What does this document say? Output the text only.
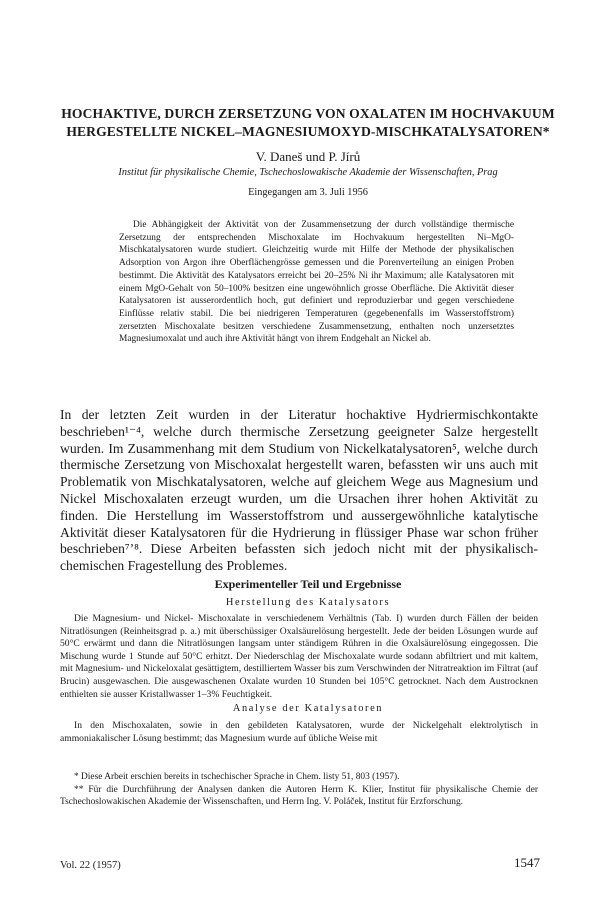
HOCHAKTIVE, DURCH ZERSETZUNG VON OXALATEN IM HOCHVAKUUM
HERGESTELLTE NICKEL–MAGNESIUMOXYD-MISCHKATALYSATOREN*
V. Daneš und P. Jírů
Institut für physikalische Chemie, Tschechoslowakische Akademie der Wissenschaften, Prag
Eingegangen am 3. Juli 1956

Die Abhängigkeit der Aktivität von der Zusammensetzung der durch vollständige thermische Zersetzung der entsprechenden Mischoxalate im Hochvakuum hergestellten Ni–MgO-Mischkatalysatoren wurde studiert. Gleichzeitig wurde mit Hilfe der Methode der physikalischen Adsorption von Argon ihre Oberflächengrösse gemessen und die Porenverteilung an einigen Proben bestimmt. Die Aktivität des Katalysators erreicht bei 20–25% Ni ihr Maximum; alle Katalysatoren mit einem MgO-Gehalt von 50–100% besitzen eine ungewöhnlich grosse Oberfläche. Die Aktivität dieser Katalysatoren ist ausserordentlich hoch, gut definiert und reproduzierbar und gegen verschiedene Einflüsse relativ stabil. Die bei niedrigeren Temperaturen (gegebenenfalls im Wasserstoffstrom) zersetzten Mischoxalate besitzen verschiedene Zusammensetzung, enthalten noch unzersetztes Magnesiumoxalat und auch ihre Aktivität hängt von ihrem Endgehalt an Nickel ab.

In der letzten Zeit wurden in der Literatur hochaktive Hydriermischkontakte beschrieben¹⁻⁴, welche durch thermische Zersetzung geeigneter Salze hergestellt wurden. Im Zusammenhang mit dem Studium von Nickelkatalysatoren⁵, welche durch thermische Zersetzung von Mischoxalat hergestellt waren, befassten wir uns auch mit Problematik von Mischkatalysatoren, welche auf gleichem Wege aus Magnesium und Nickel Mischoxalaten erzeugt wurden, um die Ursachen ihrer hohen Aktivität zu finden. Die Herstellung im Wasserstoffstrom und aussergewöhnliche katalytische Aktivität dieser Katalysatoren für die Hydrierung in flüssiger Phase war schon früher beschrieben⁷ʼ⁸. Diese Arbeiten befassten sich jedoch nicht mit der physikalisch-chemischen Fragestellung des Problemes.

Experimenteller Teil und Ergebnisse
Herstellung des Katalysators

Die Magnesium- und Nickel- Mischoxalate in verschiedenem Verhältnis (Tab. I) wurden durch Fällen der beiden Nitratlösungen (Reinheitsgrad p. a.) mit überschüssiger Oxalsäurelösung hergestellt. Jede der beiden Lösungen wurde auf 50°C erwärmt und dann die Nitratlösungen langsam unter ständigem Rühren in die Oxalsäurelösung eingegossen. Die Mischung wurde 1 Stunde auf 50°C erhitzt. Der Niederschlag der Mischoxalate wurde sodann abfiltriert und mit kaltem, mit Magnesium- und Nickeloxalat gesättigtem, destilliertem Wasser bis zum Verschwinden der Nitratreaktion im Filtrat (auf Brucin) ausgewaschen. Die ausgewaschenen Oxalate wurden 10 Stunden bei 105°C getrocknet. Nach dem Austrocknen enthielten sie ausser Kristallwasser 1–3% Feuchtigkeit.

Analyse der Katalysatoren

In den Mischoxalaten, sowie in den gebildeten Katalysatoren, wurde der Nickelgehalt elektrolytisch in ammoniakalischer Lösung bestimmt; das Magnesium wurde auf übliche Weise mit

* Diese Arbeit erschien bereits in tschechischer Sprache in Chem. listy 51, 803 (1957).

** Für die Durchführung der Analysen danken die Autoren Herrn K. Klier, Institut für physikalische Chemie der Tschechoslowakischen Akademie der Wissenschaften, und Herrn Ing. V. Poláček, Institut für Erzforschung.

Vol. 22 (1957)	1547
